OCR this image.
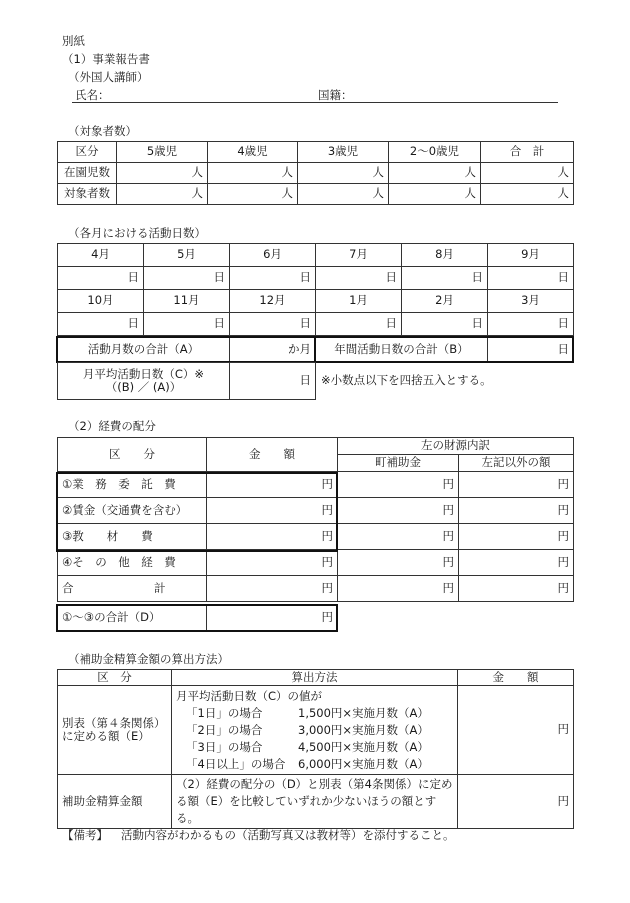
別紙
（1）事業報告書
（外国人講師）
氏名：	国籍：
（対象者数）
区分	5歳児	4歳児	3歳児	2〜0歳児	合　計
在園児数	人	人	人	人	人
対象者数	人	人	人	人	人
（各月における活動日数）
4月	5月	6月	7月	8月	9月
日	日	日	日	日	日
10月	11月	12月	1月	2月	3月
日	日	日	日	日	日
活動月数の合計（A）	か月	年間活動日数の合計（B）	日
月平均活動日数（C）※
（(B) ／ (A)）	日 ※小数点以下を四捨五入とする。
（2）経費の配分
区　　分	金　　額	左の財源内訳	
		町補助金	左記以外の額
①業　務　委　託　費	円	円	円
②賃金（交通費を含む）	円	円	円
③教　　材　　費	円	円	円
④そ　の　他　経　費	円	円	円
合　　　　　　　計	円	円	円
①〜③の合計（D）	円
（補助金精算金額の算出方法）
区　分	算出方法	金　　額
別表（第４条関係）に定める額（E）	月平均活動日数（C）の値が
「1日」の場合 1,500円×実施月数（A）
「2日」の場合 3,000円×実施月数（A）
「3日」の場合 4,500円×実施月数（A）
「4日以上」の場合 6,000円×実施月数（A）	円
補助金精算金額	（2）経費の配分の（D）と別表（第4条関係）に定める額（E）を比較していずれか少ないほうの額とする。	円
【備考】 活動内容がわかるもの（活動写真又は教材等）を添付すること。
